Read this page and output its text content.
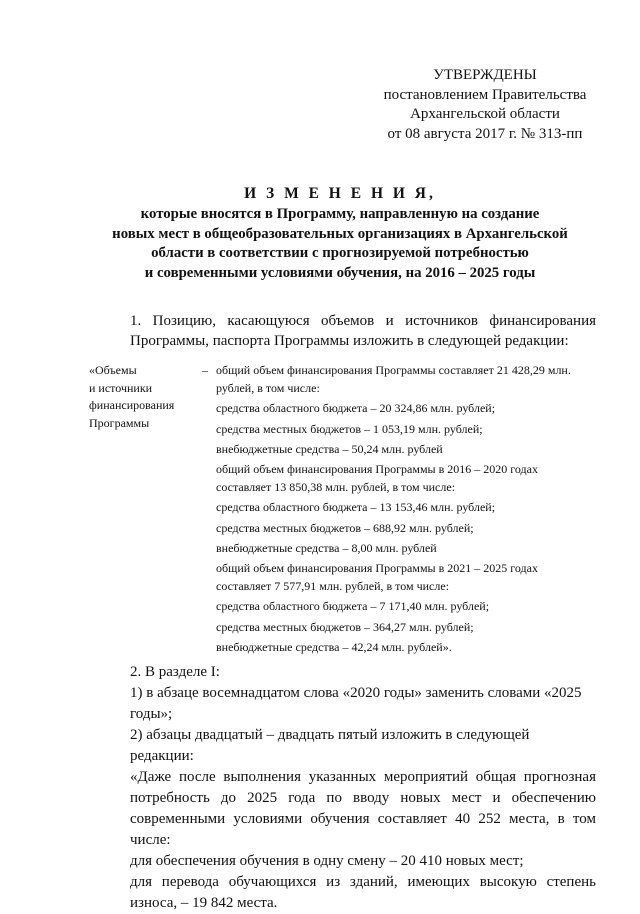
УТВЕРЖДЕНЫ
постановлением Правительства
Архангельской области
от 08 августа 2017 г. № 313-пп
И З М Е Н Е Н И Я,
которые вносятся в Программу, направленную на создание
новых мест в общеобразовательных организациях в Архангельской
области в соответствии с прогнозируемой потребностью
и современными условиями обучения, на 2016 – 2025 годы
1. Позицию, касающуюся объемов и источников финансирования Программы, паспорта Программы изложить в следующей редакции:
«Объемы
и источники
финансирования
Программы
– общий объем финансирования Программы составляет 21 428,29 млн. рублей, в том числе:
средства областного бюджета – 20 324,86 млн. рублей;
средства местных бюджетов – 1 053,19 млн. рублей;
внебюджетные средства – 50,24 млн. рублей
общий объем финансирования Программы в 2016 – 2020 годах составляет 13 850,38 млн. рублей, в том числе:
средства областного бюджета – 13 153,46 млн. рублей;
средства местных бюджетов – 688,92 млн. рублей;
внебюджетные средства – 8,00 млн. рублей
общий объем финансирования Программы в 2021 – 2025 годах составляет 7 577,91 млн. рублей, в том числе:
средства областного бюджета – 7 171,40 млн. рублей;
средства местных бюджетов – 364,27 млн. рублей;
внебюджетные средства – 42,24 млн. рублей».
2. В разделе I:
1) в абзаце восемнадцатом слова «2020 годы» заменить словами «2025 годы»;
2) абзацы двадцатый – двадцать пятый изложить в следующей редакции:
«Даже после выполнения указанных мероприятий общая прогнозная потребность до 2025 года по вводу новых мест и обеспечению современными условиями обучения составляет 40 252 места, в том числе:
для обеспечения обучения в одну смену – 20 410 новых мест;
для перевода обучающихся из зданий, имеющих высокую степень износа, – 19 842 места.
